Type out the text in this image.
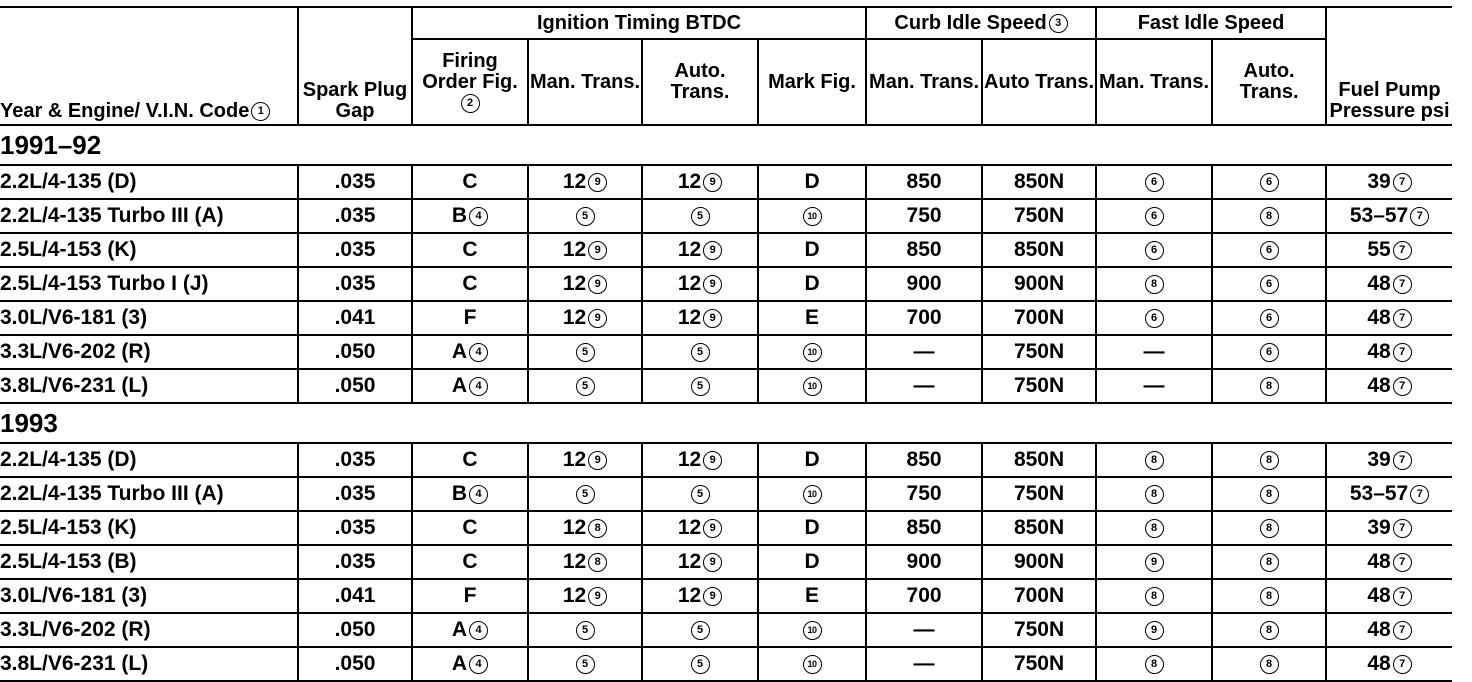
Year & Engine/ V.I.N. Code 1	Spark Plug Gap	Ignition Timing BTDC				Curb Idle Speed 3		Fast Idle Speed		Fuel Pump Pressure psi
		Firing Order Fig.
2	Man. Trans.	Auto. Trans.	Mark Fig.	Man. Trans.	Auto Trans.	Man. Trans.	Auto. Trans.	
1991–92										
2.2L/4-135 (D)	.035	C	12 9	12 9	D	850	850N	6	6	39 7
2.2L/4-135 Turbo III (A)	.035	B 4	5	5	10	750	750N	6	8	53–57 7
2.5L/4-153 (K)	.035	C	12 9	12 9	D	850	850N	6	6	55 7
2.5L/4-153 Turbo I (J)	.035	C	12 9	12 9	D	900	900N	8	6	48 7
3.0L/V6-181 (3)	.041	F	12 9	12 9	E	700	700N	6	6	48 7
3.3L/V6-202 (R)	.050	A 4	5	5	10	—	750N	—	6	48 7
3.8L/V6-231 (L)	.050	A 4	5	5	10	—	750N	—	8	48 7
1993										
2.2L/4-135 (D)	.035	C	12 9	12 9	D	850	850N	8	8	39 7
2.2L/4-135 Turbo III (A)	.035	B 4	5	5	10	750	750N	8	8	53–57 7
2.5L/4-153 (K)	.035	C	12 8	12 9	D	850	850N	8	8	39 7
2.5L/4-153 (B)	.035	C	12 8	12 9	D	900	900N	9	8	48 7
3.0L/V6-181 (3)	.041	F	12 9	12 9	E	700	700N	8	8	48 7
3.3L/V6-202 (R)	.050	A 4	5	5	10	—	750N	9	8	48 7
3.8L/V6-231 (L)	.050	A 4	5	5	10	—	750N	8	8	48 7
